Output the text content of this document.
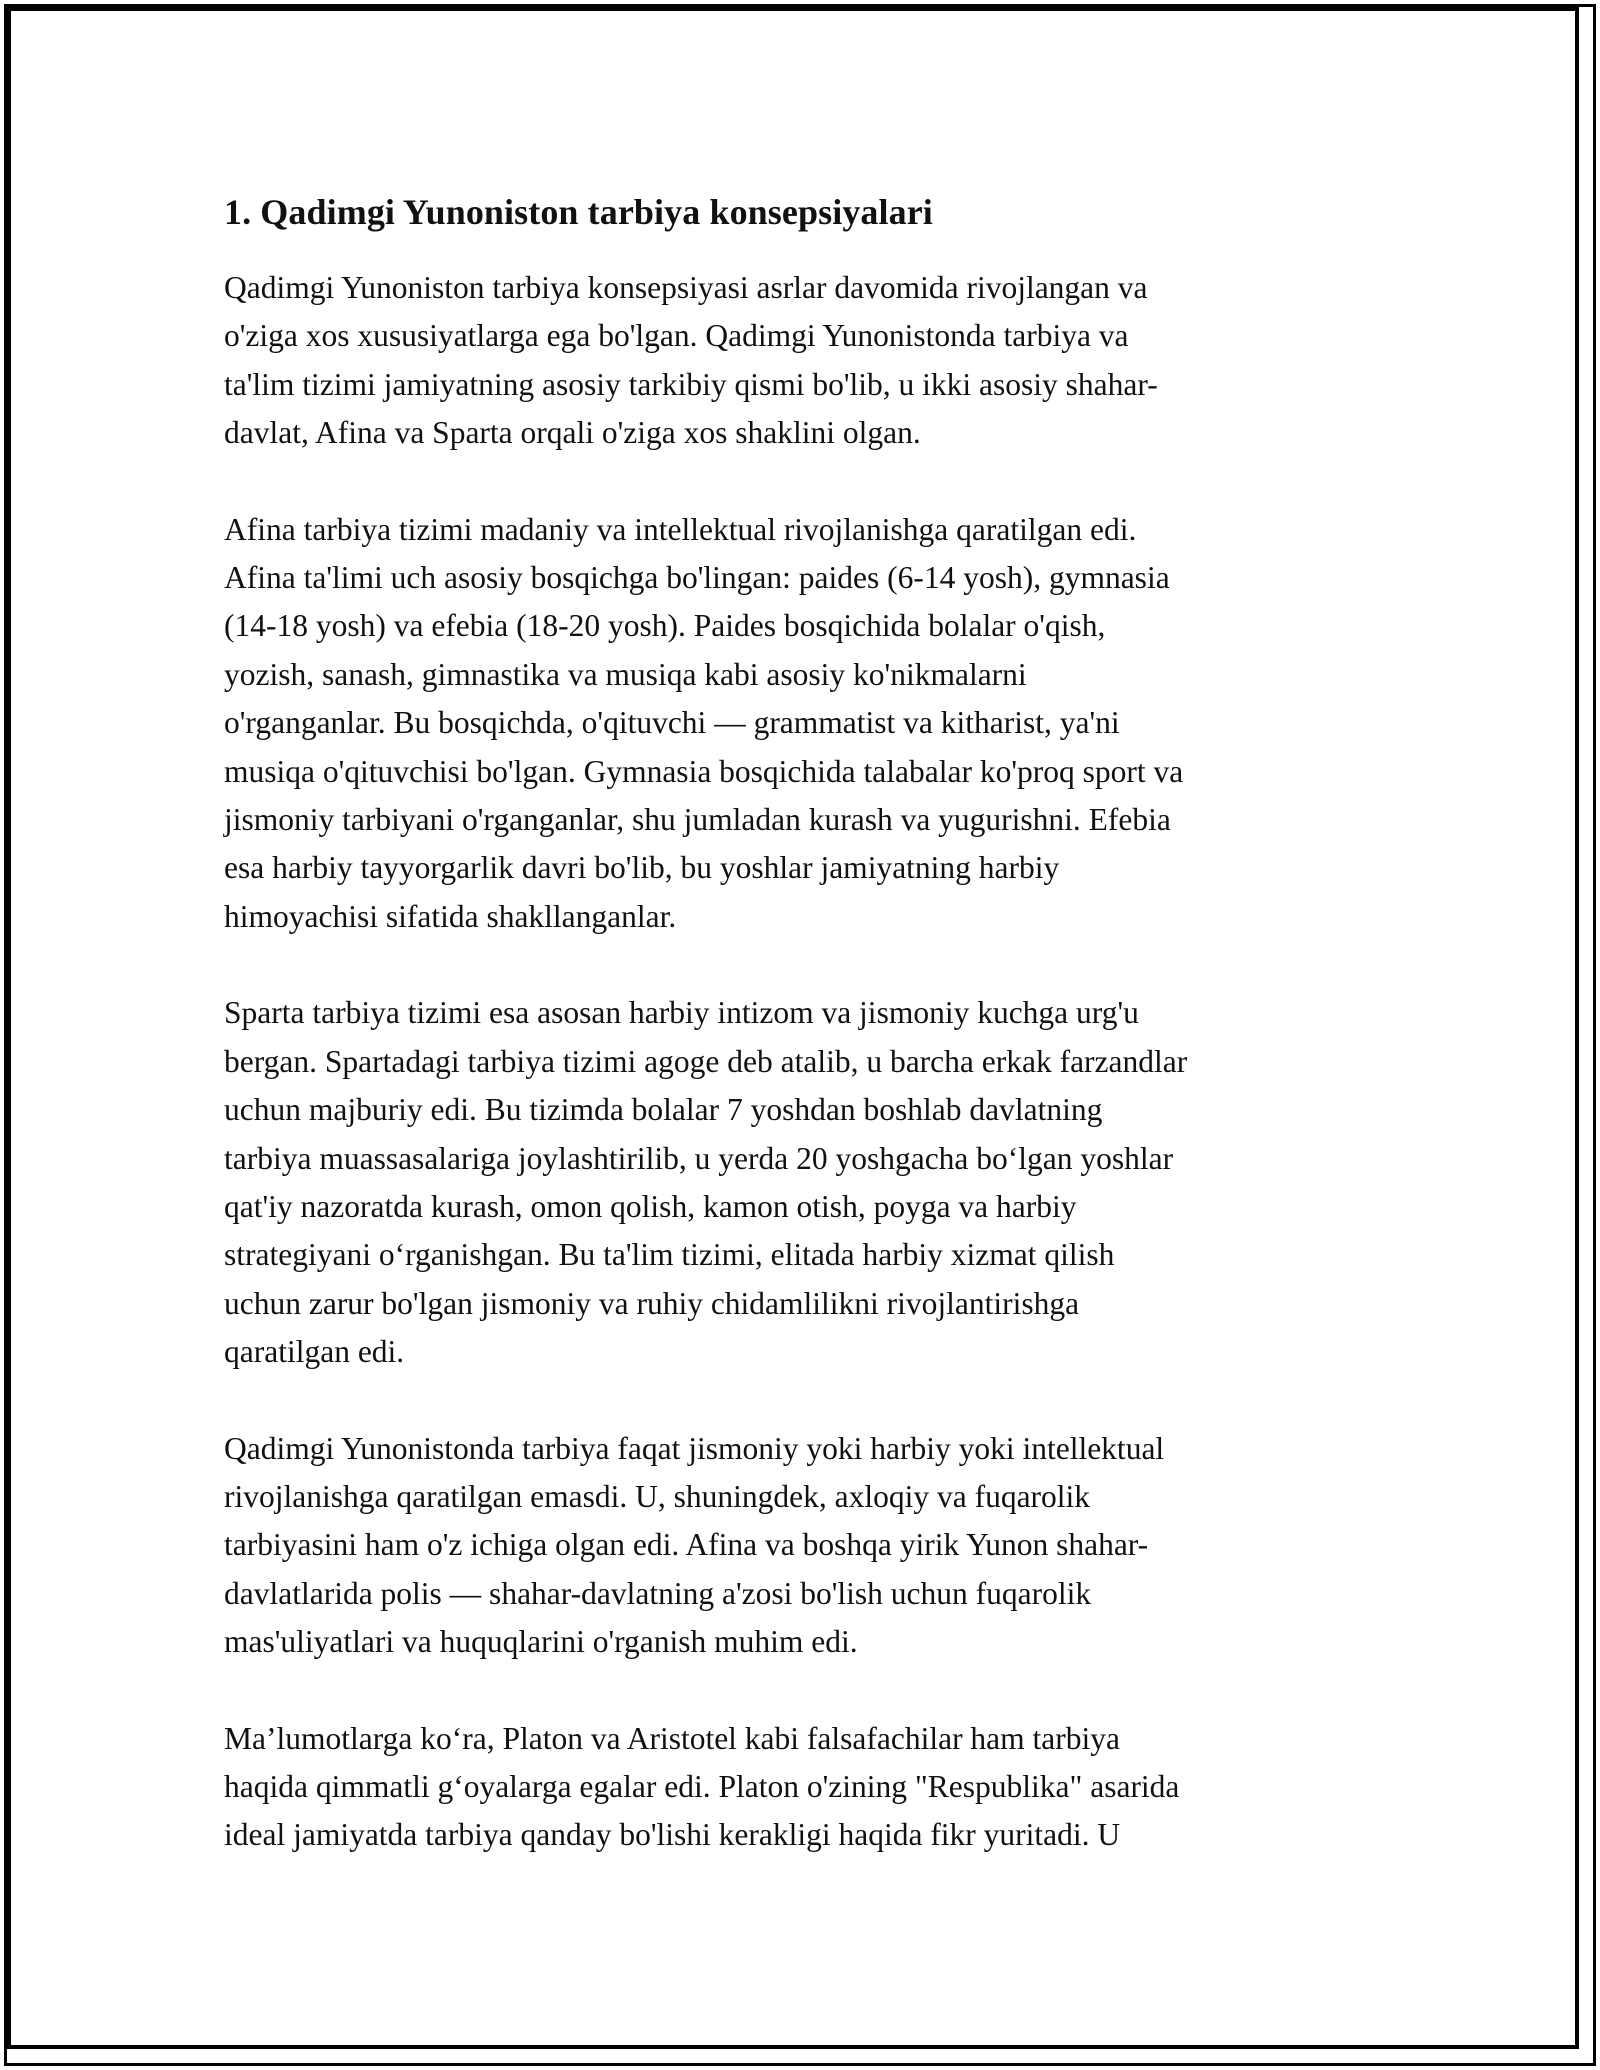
1. Qadimgi Yunoniston tarbiya konsepsiyalari

Qadimgi Yunoniston tarbiya konsepsiyasi asrlar davomida rivojlangan va
o'ziga xos xususiyatlarga ega bo'lgan. Qadimgi Yunonistonda tarbiya va
ta'lim tizimi jamiyatning asosiy tarkibiy qismi bo'lib, u ikki asosiy shahar-
davlat, Afina va Sparta orqali o'ziga xos shaklini olgan.

Afina tarbiya tizimi madaniy va intellektual rivojlanishga qaratilgan edi.
Afina ta'limi uch asosiy bosqichga bo'lingan: paides (6-14 yosh), gymnasia
(14-18 yosh) va efebia (18-20 yosh). Paides bosqichida bolalar o'qish,
yozish, sanash, gimnastika va musiqa kabi asosiy ko'nikmalarni
o'rganganlar. Bu bosqichda, o'qituvchi — grammatist va kitharist, ya'ni
musiqa o'qituvchisi bo'lgan. Gymnasia bosqichida talabalar ko'proq sport va
jismoniy tarbiyani o'rganganlar, shu jumladan kurash va yugurishni. Efebia
esa harbiy tayyorgarlik davri bo'lib, bu yoshlar jamiyatning harbiy
himoyachisi sifatida shakllanganlar.

Sparta tarbiya tizimi esa asosan harbiy intizom va jismoniy kuchga urg'u
bergan. Spartadagi tarbiya tizimi agoge deb atalib, u barcha erkak farzandlar
uchun majburiy edi. Bu tizimda bolalar 7 yoshdan boshlab davlatning
tarbiya muassasalariga joylashtirilib, u yerda 20 yoshgacha bo‘lgan yoshlar
qat'iy nazoratda kurash, omon qolish, kamon otish, poyga va harbiy
strategiyani o‘rganishgan. Bu ta'lim tizimi, elitada harbiy xizmat qilish
uchun zarur bo'lgan jismoniy va ruhiy chidamlilikni rivojlantirishga
qaratilgan edi.

Qadimgi Yunonistonda tarbiya faqat jismoniy yoki harbiy yoki intellektual
rivojlanishga qaratilgan emasdi. U, shuningdek, axloqiy va fuqarolik
tarbiyasini ham o'z ichiga olgan edi. Afina va boshqa yirik Yunon shahar-
davlatlarida polis — shahar-davlatning a'zosi bo'lish uchun fuqarolik
mas'uliyatlari va huquqlarini o'rganish muhim edi.

Ma’lumotlarga ko‘ra, Platon va Aristotel kabi falsafachilar ham tarbiya
haqida qimmatli g‘oyalarga egalar edi. Platon o'zining "Respublika" asarida
ideal jamiyatda tarbiya qanday bo'lishi kerakligi haqida fikr yuritadi. U
